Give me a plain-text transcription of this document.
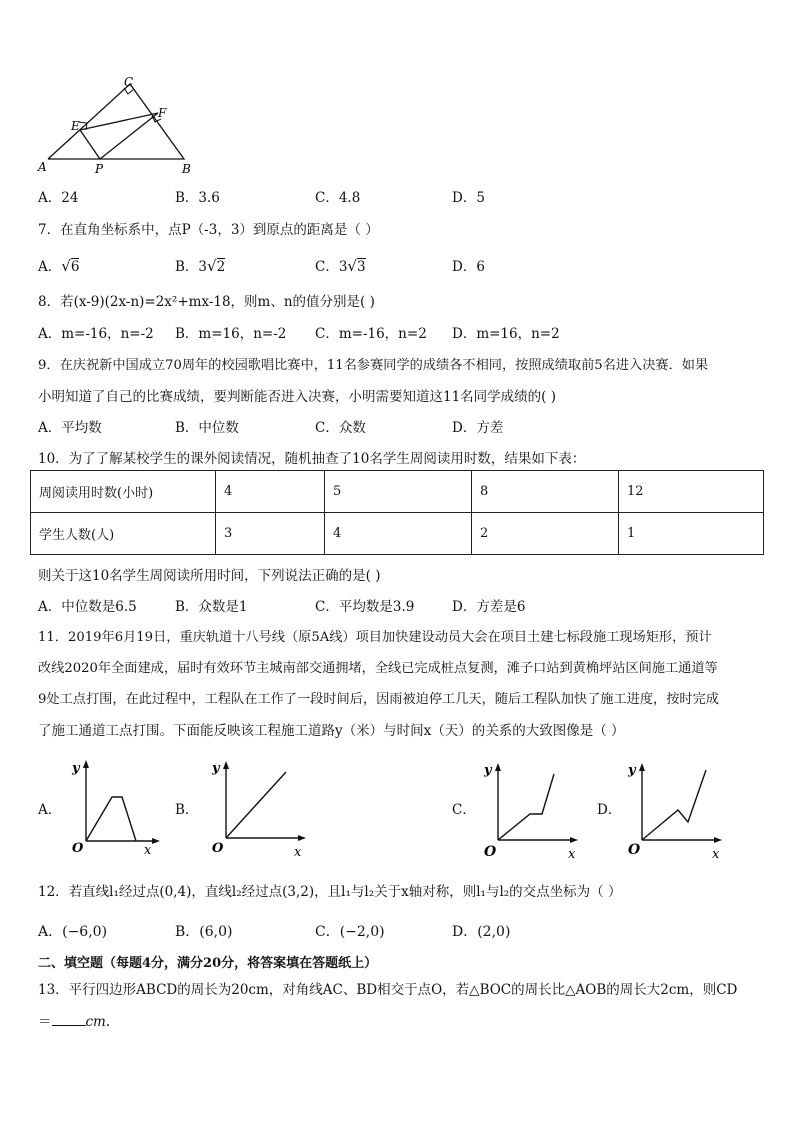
C
E
F
A	P	B
A．24	B．3.6	C．4.8	D．5
7．在直角坐标系中，点P（-3，3）到原点的距离是（ ）
A．√6	B．3√2	C．3√3	D．6
8．若(x-9)(2x-n)=2x²+mx-18，则m、n的值分别是( )
A．m=-16，n=-2 B．m=16，n=-2 C．m=-16，n=2 D．m=16，n=2
9．在庆祝新中国成立70周年的校园歌唱比赛中，11名参赛同学的成绩各不相同，按照成绩取前5名进入决赛．如果
小明知道了自己的比赛成绩，要判断能否进入决赛，小明需要知道这11名同学成绩的( )
A．平均数	B．中位数	C．众数	D．方差
10．为了了解某校学生的课外阅读情况，随机抽查了10名学生周阅读用时数，结果如下表：
周阅读用时数(小时)	4	5	8	12
学生人数(人)	3	4	2	1
则关于这10名学生周阅读所用时间，下列说法正确的是( )
A．中位数是6.5	B．众数是1	C．平均数是3.9	D．方差是6
11．2019年6月19日，重庆轨道十八号线（原5A线）项目加快建设动员大会在项目土建七标段施工现场矩形，预计
改线2020年全面建成，届时有效环节主城南部交通拥堵，全线已完成桩点复测，滩子口站到黄桷坪站区间施工通道等
9处工点打围，在此过程中，工程队在工作了一段时间后，因雨被迫停工几天，随后工程队加快了施工进度，按时完成
了施工通道工点打围。下面能反映该工程施工道路y（米）与时间x（天）的关系的大致图像是（ ）
A．
y
O	x
B．
y
O	x
C．
y
O	x
D．
y
O	x
12．若直线l₁经过点(0,4)，直线l₂经过点(3,2)，且l₁与l₂关于x轴对称，则l₁与l₂的交点坐标为（ ）
A．(−6,0)	B．(6,0)	C．(−2,0)	D．(2,0)
二、填空题（每题4分，满分20分，将答案填在答题纸上）
13．平行四边形ABCD的周长为20cm，对角线AC、BD相交于点O，若△BOC的周长比△AOB的周长大2cm，则CD
＝	cm.
